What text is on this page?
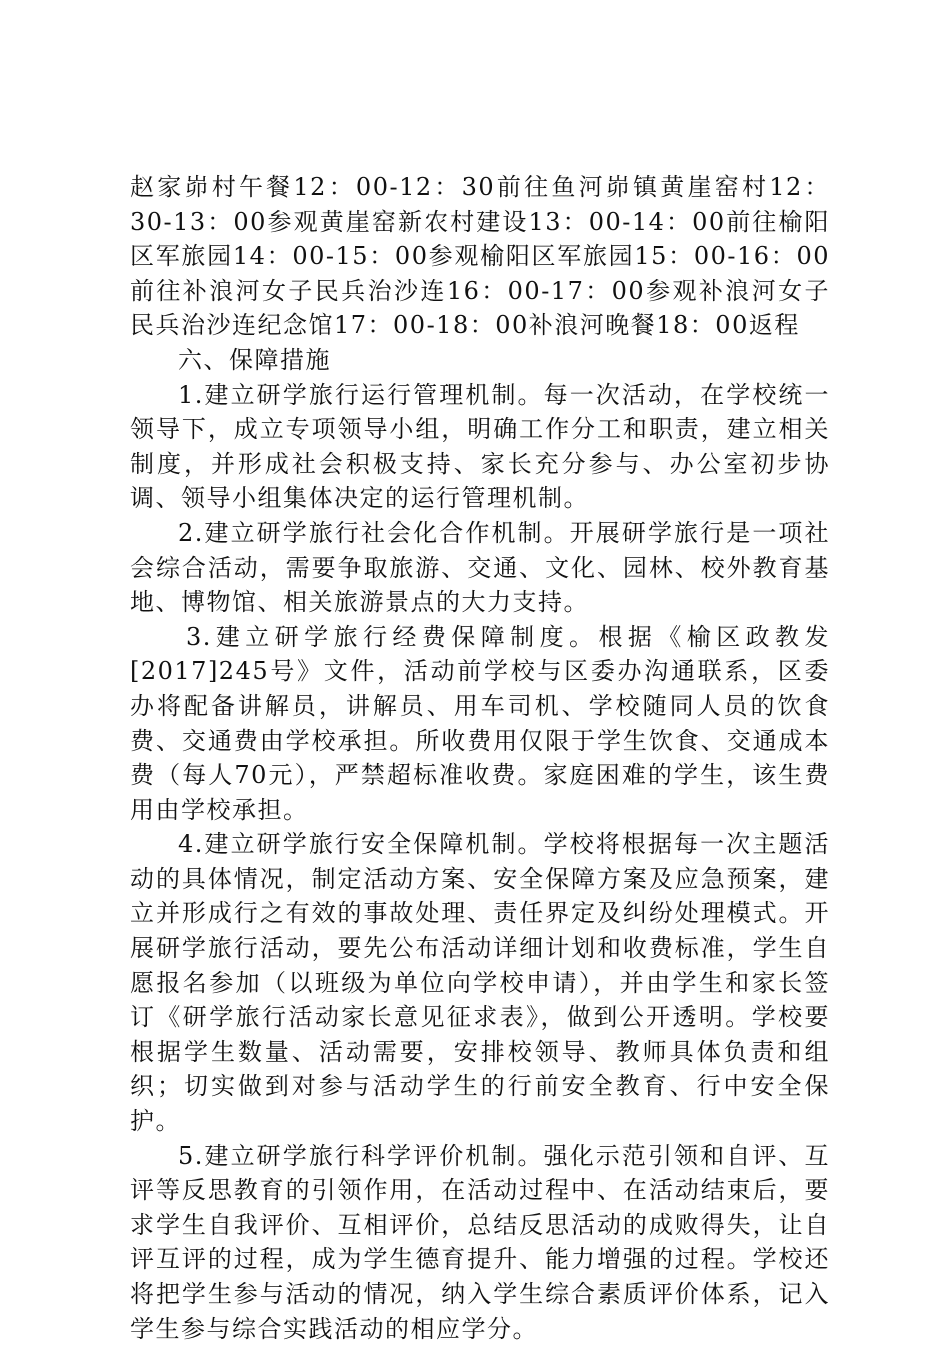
赵家峁村午餐12：00-12：30前往鱼河峁镇黄崖窑村12：30-13：00参观黄崖窑新农村建设13：00-14：00前往榆阳区军旅园14：00-15：00参观榆阳区军旅园15：00-16：00前往补浪河女子民兵治沙连16：00-17：00参观补浪河女子民兵治沙连纪念馆17：00-18：00补浪河晚餐18：00返程

六、保障措施

1.建立研学旅行运行管理机制。每一次活动，在学校统一领导下，成立专项领导小组，明确工作分工和职责，建立相关制度，并形成社会积极支持、家长充分参与、办公室初步协调、领导小组集体决定的运行管理机制。

2.建立研学旅行社会化合作机制。开展研学旅行是一项社会综合活动，需要争取旅游、交通、文化、园林、校外教育基地、博物馆、相关旅游景点的大力支持。

3.建立研学旅行经费保障制度。根据《榆区政教发[2017]245号》文件，活动前学校与区委办沟通联系，区委办将配备讲解员，讲解员、用车司机、学校随同人员的饮食费、交通费由学校承担。所收费用仅限于学生饮食、交通成本费（每人70元），严禁超标准收费。家庭困难的学生，该生费用由学校承担。

4.建立研学旅行安全保障机制。学校将根据每一次主题活动的具体情况，制定活动方案、安全保障方案及应急预案，建立并形成行之有效的事故处理、责任界定及纠纷处理模式。开展研学旅行活动，要先公布活动详细计划和收费标准，学生自愿报名参加（以班级为单位向学校申请），并由学生和家长签订《研学旅行活动家长意见征求表》，做到公开透明。学校要根据学生数量、活动需要，安排校领导、教师具体负责和组织；切实做到对参与活动学生的行前安全教育、行中安全保护。

5.建立研学旅行科学评价机制。强化示范引领和自评、互评等反思教育的引领作用，在活动过程中、在活动结束后，要求学生自我评价、互相评价，总结反思活动的成败得失，让自评互评的过程，成为学生德育提升、能力增强的过程。学校还将把学生参与活动的情况，纳入学生综合素质评价体系，记入学生参与综合实践活动的相应学分。
